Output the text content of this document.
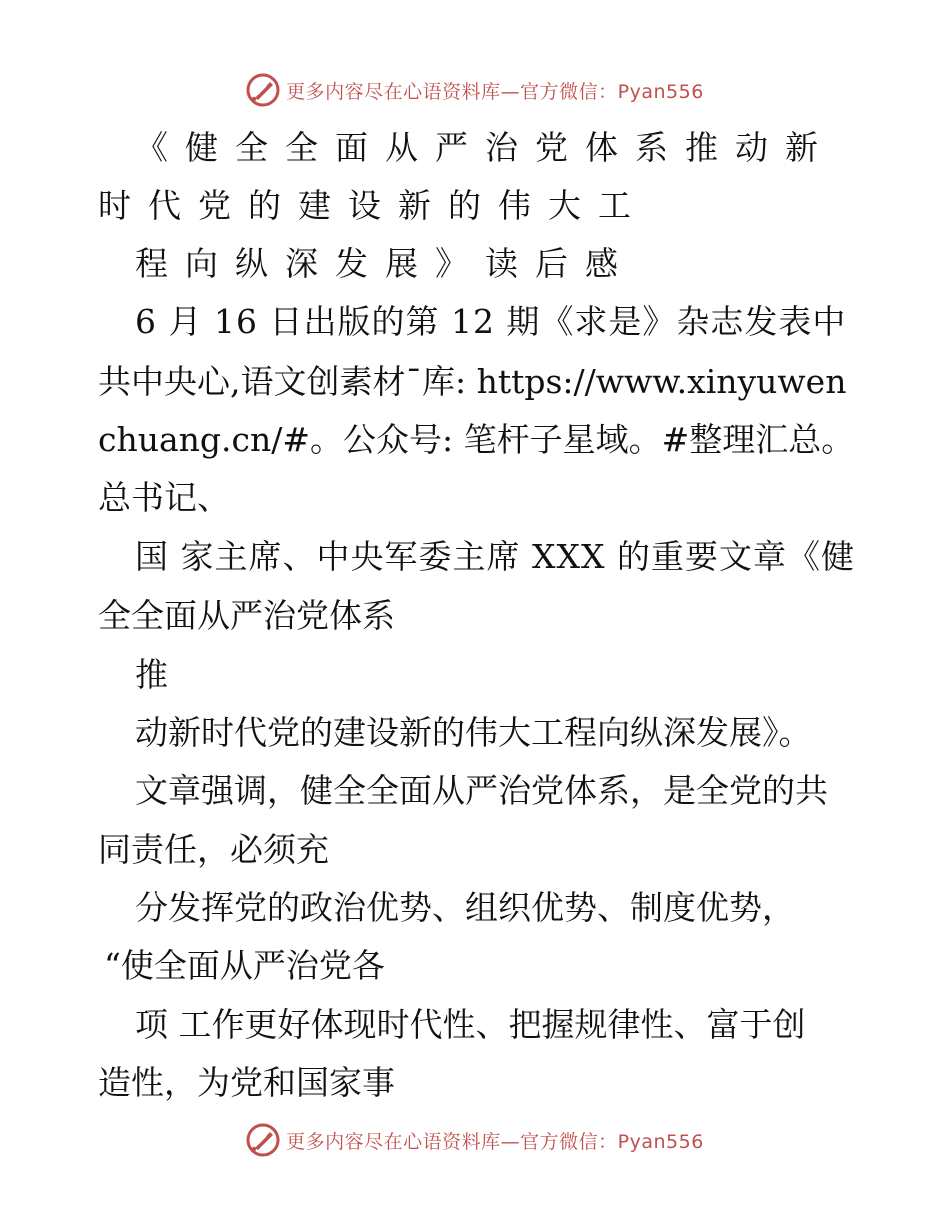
更多内容尽在心语资料库—官方微信：Pyan556
《健全全面从严治党体系推动新
时代党的建设新的伟大工
程向纵深发展》读后感
6 月 16 日出版的第 12 期《求是》杂志发表中
共中央心,语文创素材¯库: https://www.xinyuwen
chuang.cn/#。公众号: 笔杆子星域。#整理汇总。
总书记、
国 家主席、中央军委主席 XXX 的重要文章《健
全全面从严治党体系
推
动新时代党的建设新的伟大工程向纵深发展》。
文章强调，健全全面从严治党体系，是全党的共
同责任，必须充
分发挥党的政治优势、组织优势、制度优势，
“使全面从严治党各
项 工作更好体现时代性、把握规律性、富于创
造性，为党和国家事
更多内容尽在心语资料库—官方微信：Pyan556
